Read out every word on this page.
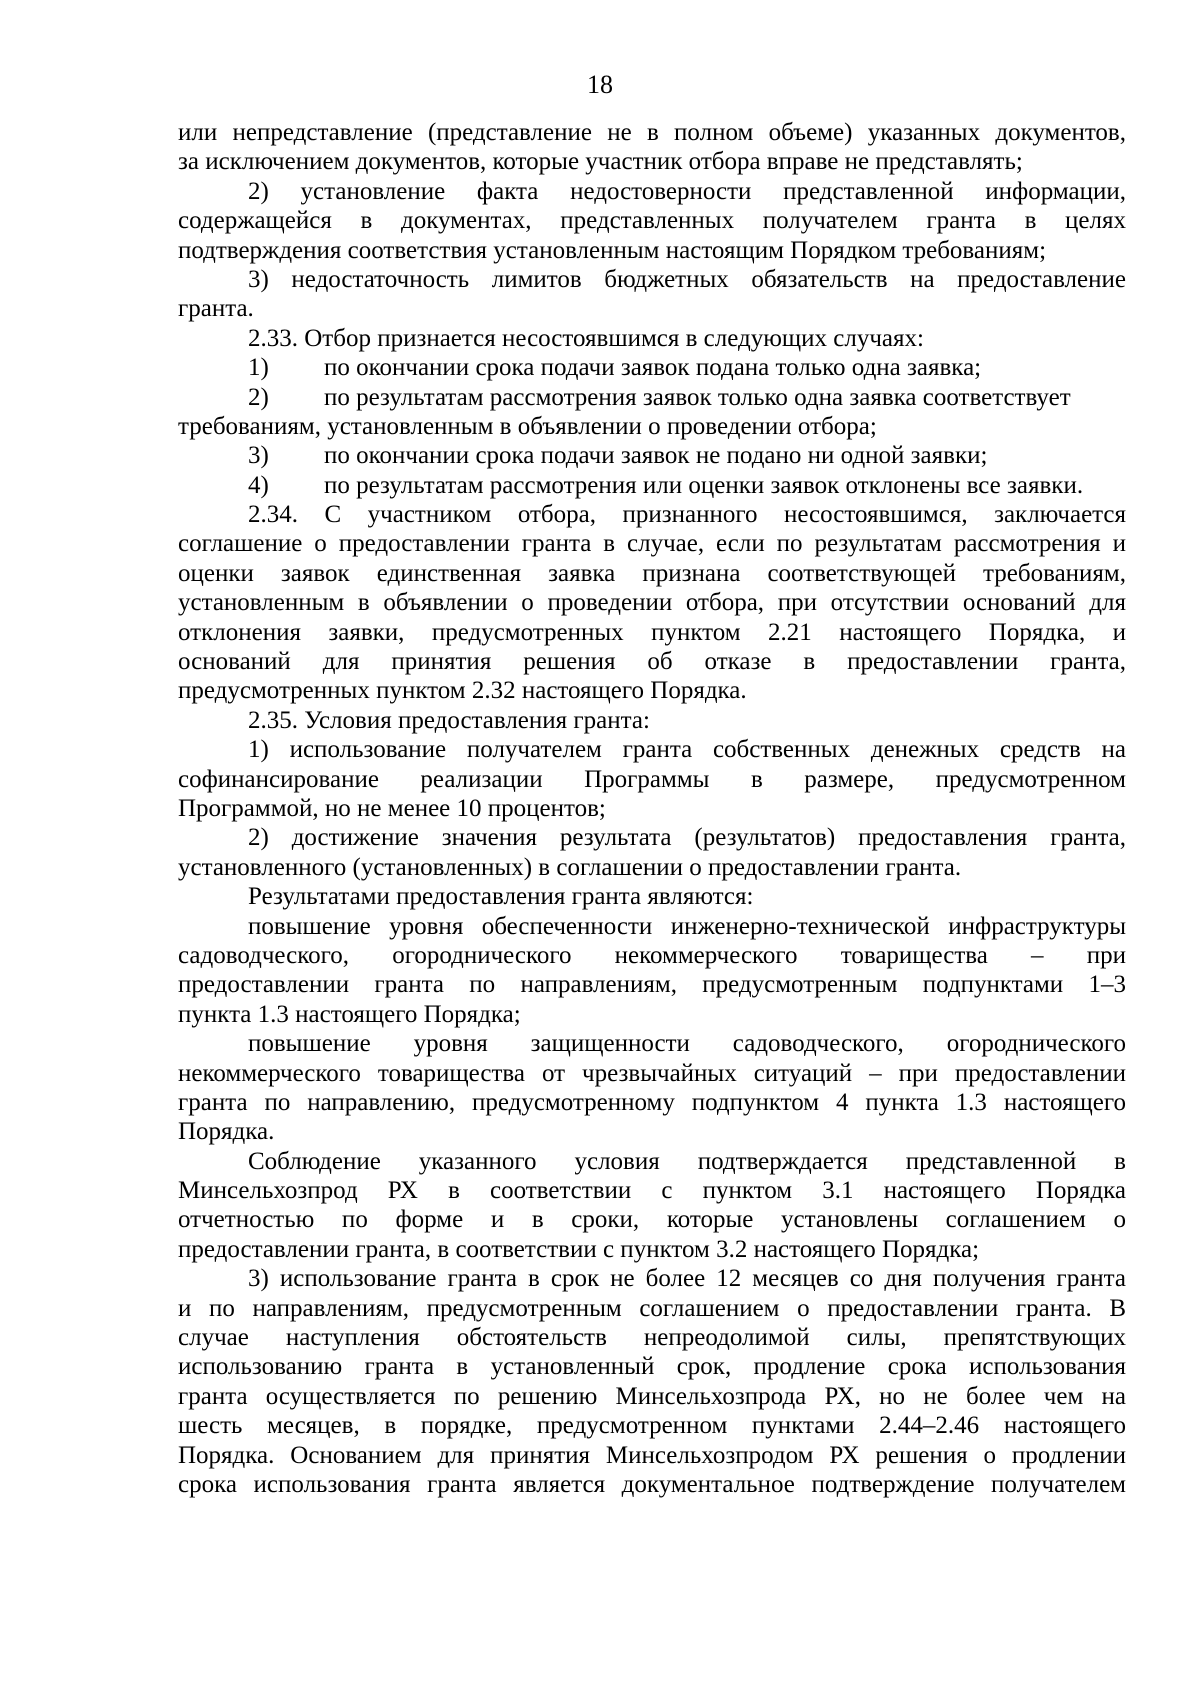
18
или непредставление (представление не в полном объеме) указанных документов,
за исключением документов, которые участник отбора вправе не представлять;
2) установление факта недостоверности представленной информации,
содержащейся в документах, представленных получателем гранта в целях
подтверждения соответствия установленным настоящим Порядком требованиям;
3) недостаточность лимитов бюджетных обязательств на предоставление
гранта.
2.33. Отбор признается несостоявшимся в следующих случаях:
1) по окончании срока подачи заявок подана только одна заявка;
2) по результатам рассмотрения заявок только одна заявка соответствует
требованиям, установленным в объявлении о проведении отбора;
3) по окончании срока подачи заявок не подано ни одной заявки;
4) по результатам рассмотрения или оценки заявок отклонены все заявки.
2.34. С участником отбора, признанного несостоявшимся, заключается
соглашение о предоставлении гранта в случае, если по результатам рассмотрения и
оценки заявок единственная заявка признана соответствующей требованиям,
установленным в объявлении о проведении отбора, при отсутствии оснований для
отклонения заявки, предусмотренных пунктом 2.21 настоящего Порядка, и
оснований для принятия решения об отказе в предоставлении гранта,
предусмотренных пунктом 2.32 настоящего Порядка.
2.35. Условия предоставления гранта:
1) использование получателем гранта собственных денежных средств на
софинансирование реализации Программы в размере, предусмотренном
Программой, но не менее 10 процентов;
2) достижение значения результата (результатов) предоставления гранта,
установленного (установленных) в соглашении о предоставлении гранта.
Результатами предоставления гранта являются:
повышение уровня обеспеченности инженерно-технической инфраструктуры
садоводческого, огороднического некоммерческого товарищества – при
предоставлении гранта по направлениям, предусмотренным подпунктами 1–3
пункта 1.3 настоящего Порядка;
повышение уровня защищенности садоводческого, огороднического
некоммерческого товарищества от чрезвычайных ситуаций – при предоставлении
гранта по направлению, предусмотренному подпунктом 4 пункта 1.3 настоящего
Порядка.
Соблюдение указанного условия подтверждается представленной в
Минсельхозпрод РХ в соответствии с пунктом 3.1 настоящего Порядка
отчетностью по форме и в сроки, которые установлены соглашением о
предоставлении гранта, в соответствии с пунктом 3.2 настоящего Порядка;
3) использование гранта в срок не более 12 месяцев со дня получения гранта
и по направлениям, предусмотренным соглашением о предоставлении гранта. В
случае наступления обстоятельств непреодолимой силы, препятствующих
использованию гранта в установленный срок, продление срока использования
гранта осуществляется по решению Минсельхозпрода РХ, но не более чем на
шесть месяцев, в порядке, предусмотренном пунктами 2.44–2.46 настоящего
Порядка. Основанием для принятия Минсельхозпродом РХ решения о продлении
срока использования гранта является документальное подтверждение получателем
